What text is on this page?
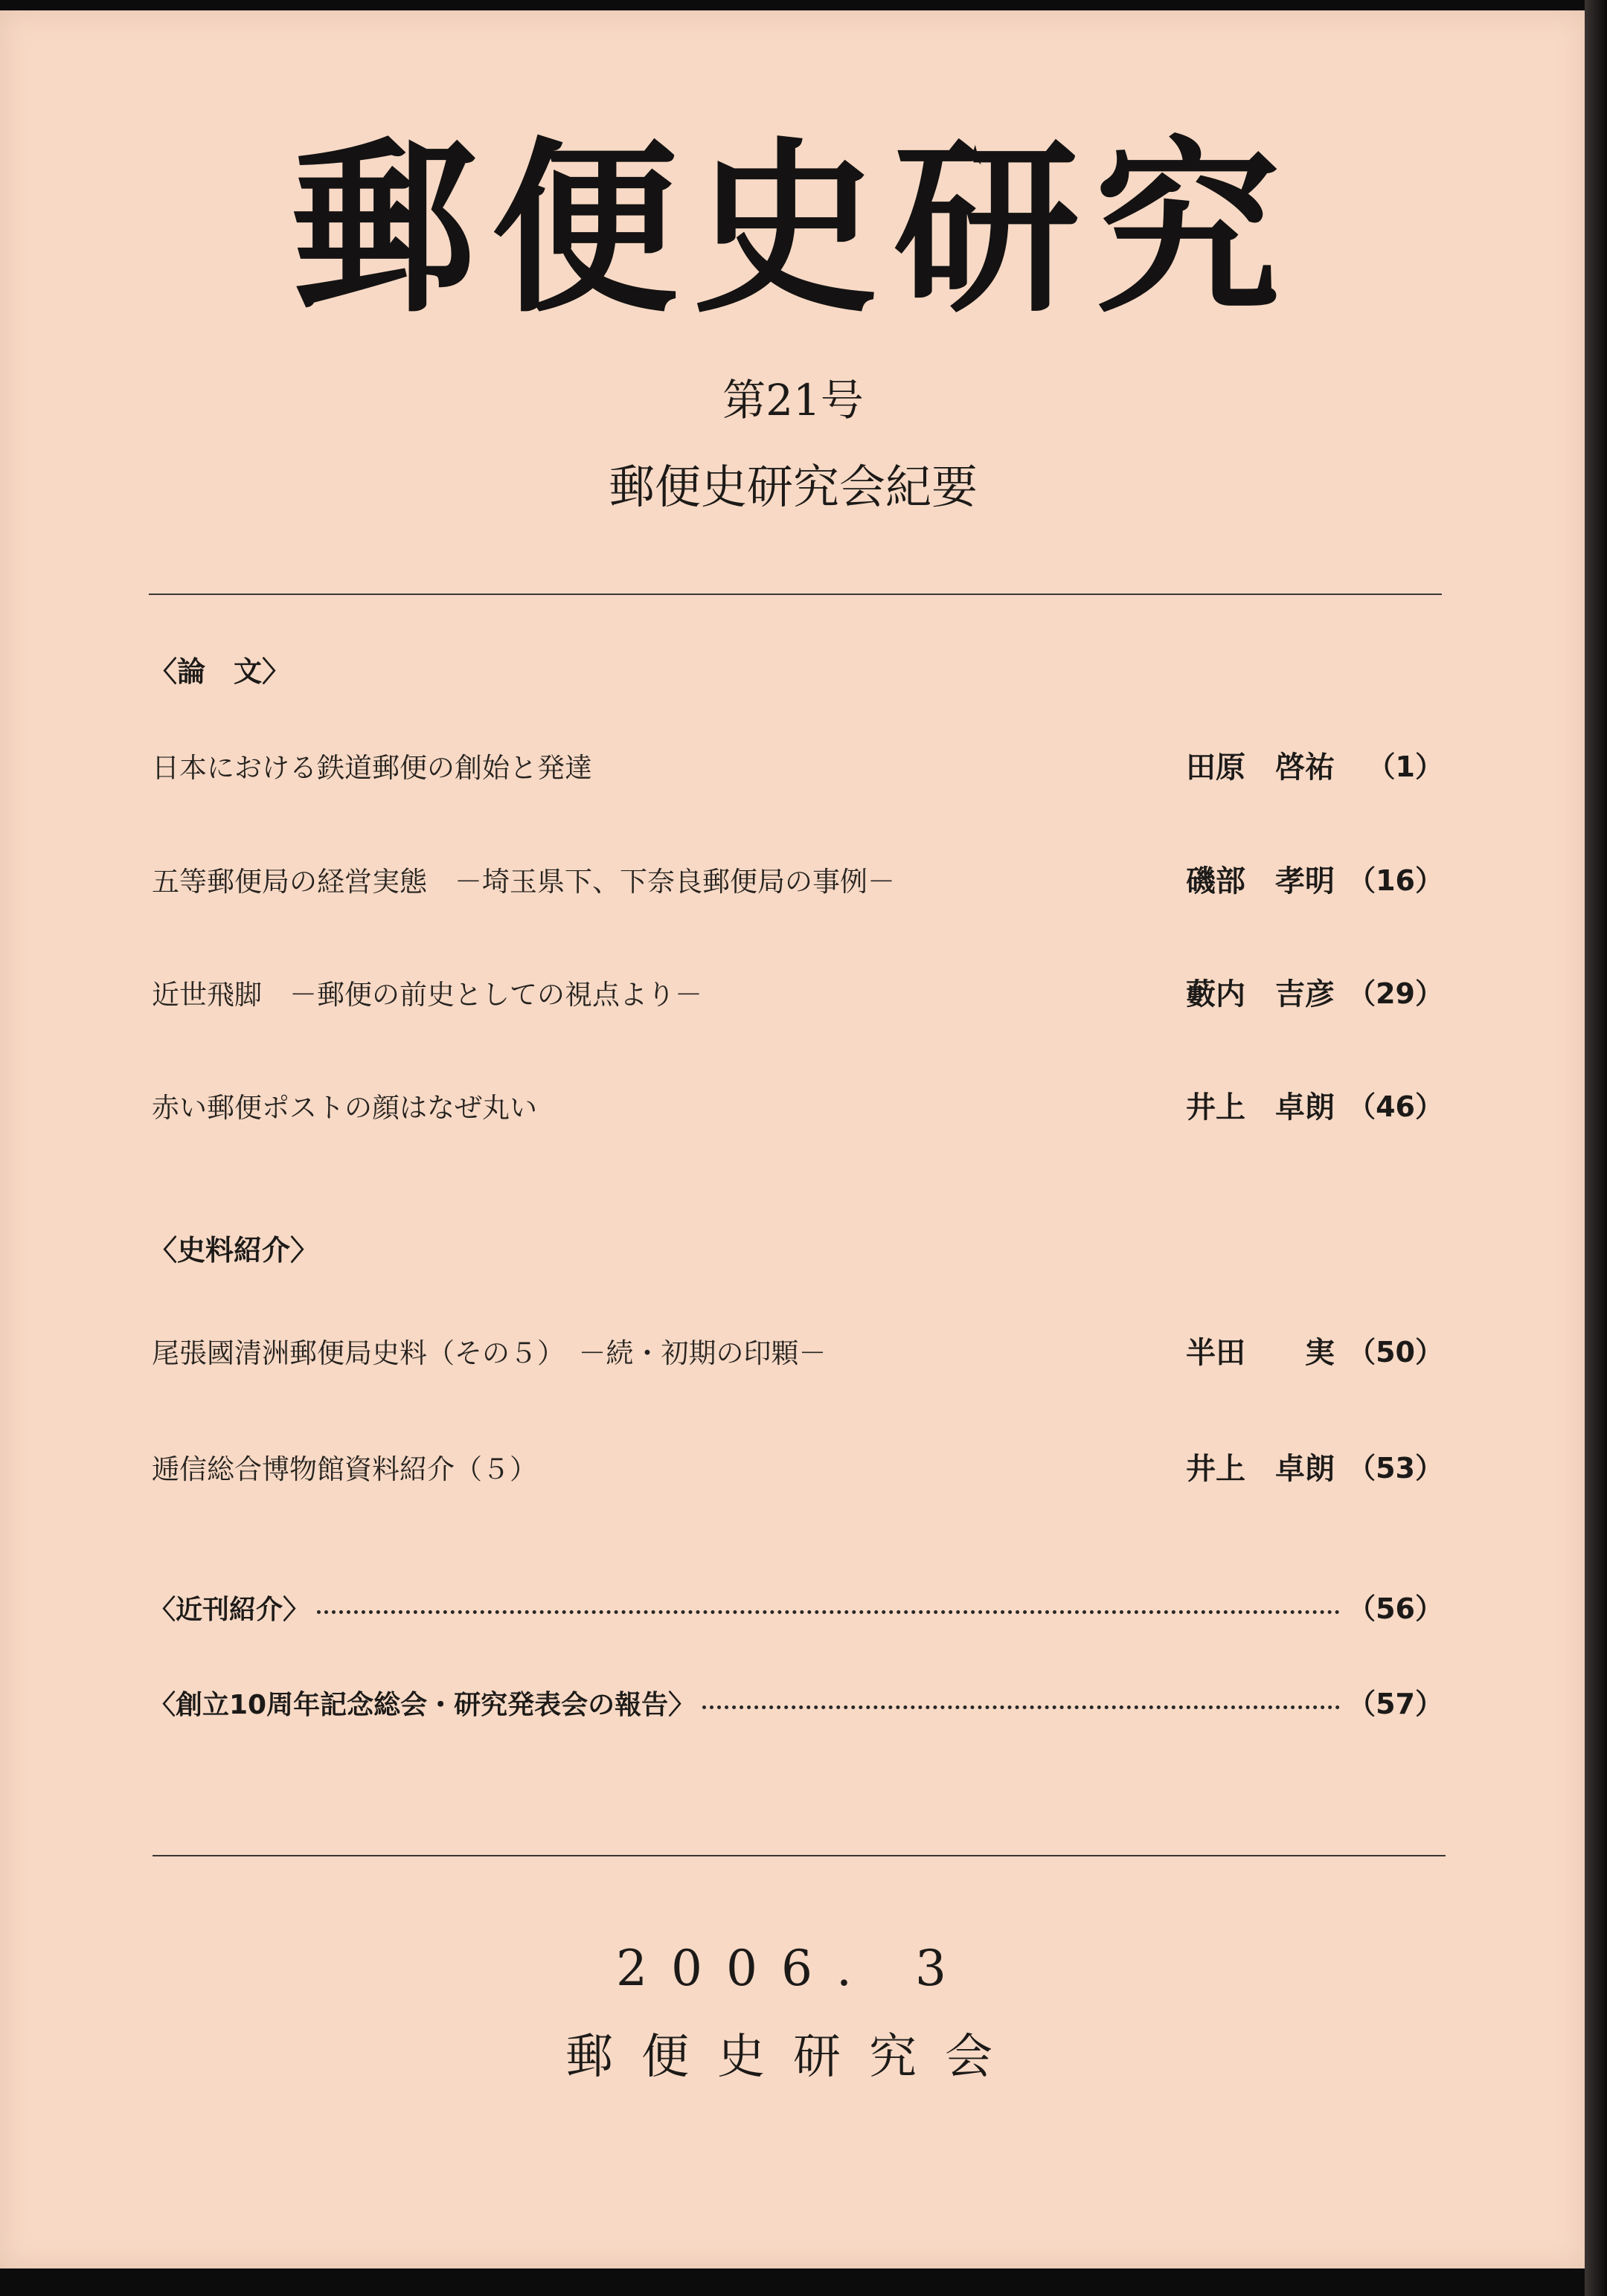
郵便史研究
第21号
郵便史研究会紀要
〈論　文〉
日本における鉄道郵便の創始と発達	田原　啓祐 （1）
五等郵便局の経営実態　－埼玉県下、下奈良郵便局の事例－	磯部　孝明 （16）
近世飛脚　－郵便の前史としての視点より－	藪内　吉彦 （29）
赤い郵便ポストの顔はなぜ丸い	井上　卓朗 （46）
〈史料紹介〉
尾張國清洲郵便局史料（その５）　－続・初期の印顆－	半田　　実 （50）
逓信総合博物館資料紹介（５）	井上　卓朗 （53）
〈近刊紹介〉	（56）
〈創立10周年記念総会・研究発表会の報告〉	（57）
2006. 3
郵便史研究会
